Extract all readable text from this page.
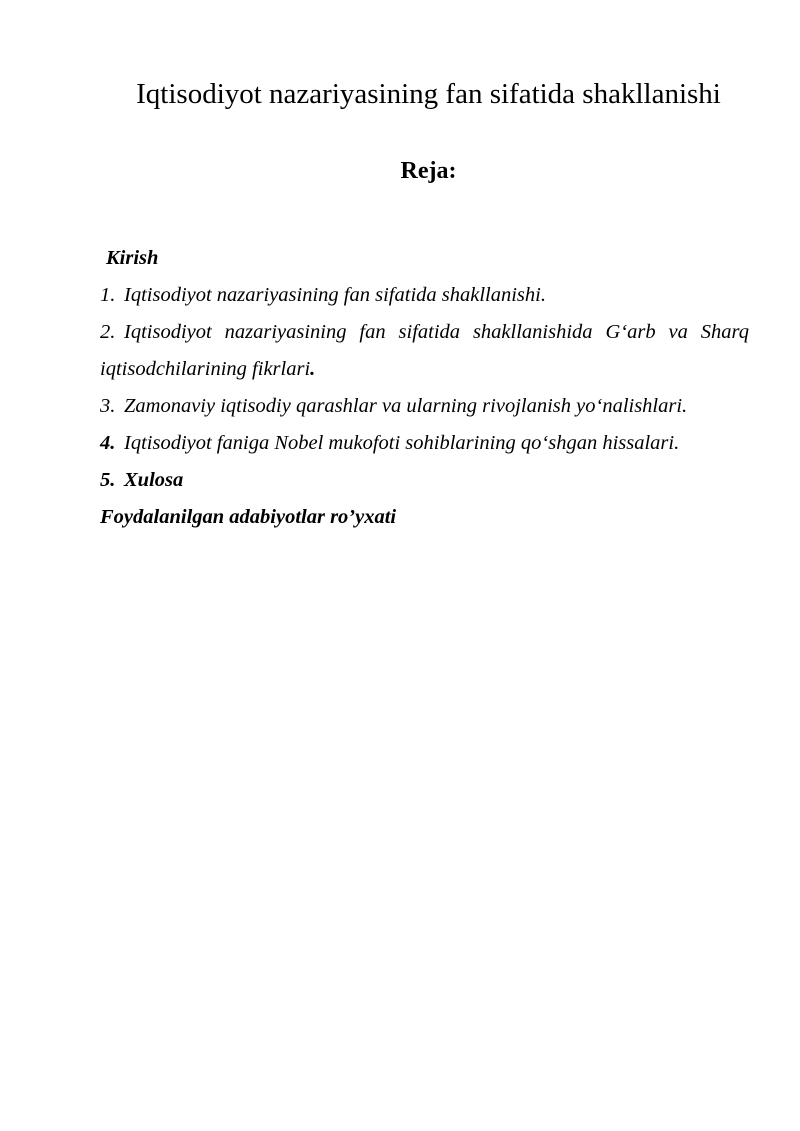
Iqtisodiyot nazariyasining fan sifatida shakllanishi
Reja:
Kirish
1. Iqtisodiyot nazariyasining fan sifatida shakllanishi.
2. Iqtisodiyot nazariyasining fan sifatida shakllanishida G‘arb va Sharq
iqtisodchilarining fikrlari.
3. Zamonaviy iqtisodiy qarashlar va ularning rivojlanish yo‘nalishlari.
4. Iqtisodiyot faniga Nobel mukofoti sohiblarining qo‘shgan hissalari.
5. Xulosa
Foydalanilgan adabiyotlar ro’yxati
